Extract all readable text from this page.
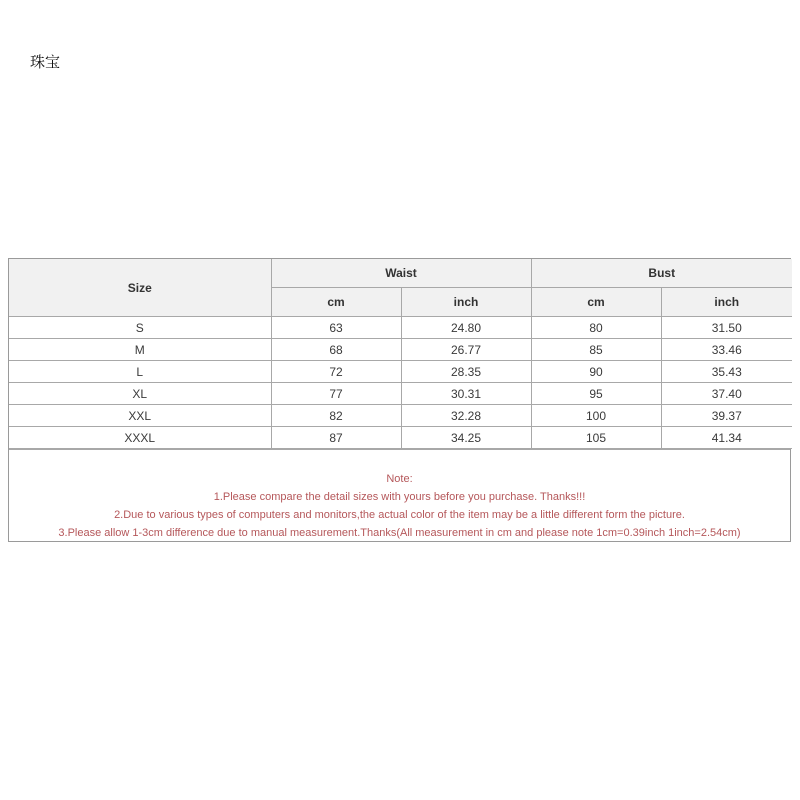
珠宝
Size	Waist		Bust	
	cm	inch	cm	inch
S	63	24.80	80	31.50
M	68	26.77	85	33.46
L	72	28.35	90	35.43
XL	77	30.31	95	37.40
XXL	82	32.28	100	39.37
XXXL	87	34.25	105	41.34
Note:
1.Please compare the detail sizes with yours before you purchase. Thanks!!!
2.Due to various types of computers and monitors,the actual color of the item may be a little different form the picture.
3.Please allow 1-3cm difference due to manual measurement.Thanks(All measurement in cm and please note 1cm=0.39inch 1inch=2.54cm)
